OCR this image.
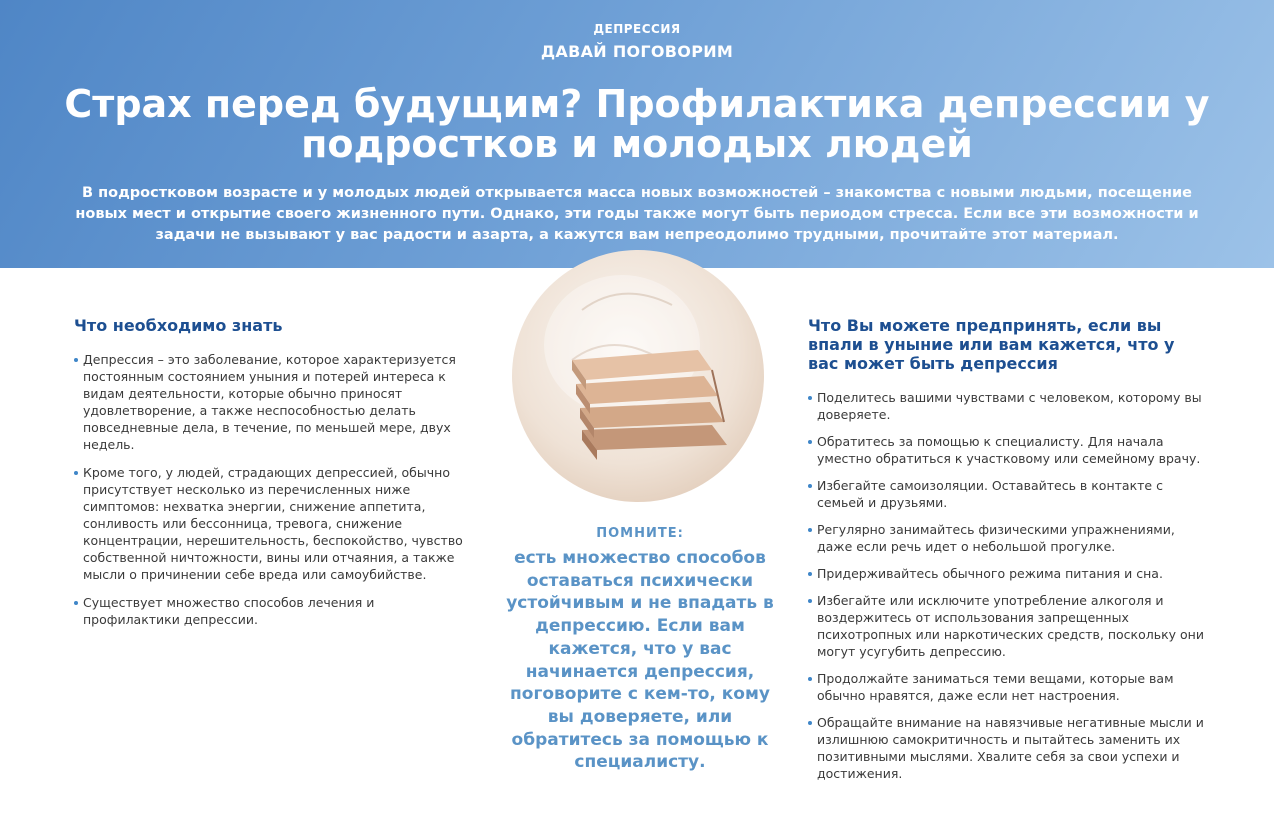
ДЕПРЕССИЯ
ДАВАЙ ПОГОВОРИМ
Страх перед будущим? Профилактика депрессии у подростков и молодых людей

В подростковом возрасте и у молодых людей открывается масса новых возможностей – знакомства с новыми людьми, посещение новых мест и открытие своего жизненного пути. Однако, эти годы также могут быть периодом стресса. Если все эти возможности и задачи не вызывают у вас радости и азарта, а кажутся вам непреодолимо трудными, прочитайте этот материал.

Что необходимо знать
Депрессия – это заболевание, которое характеризуется постоянным состоянием уныния и потерей интереса к видам деятельности, которые обычно приносят удовлетворение, а также неспособностью делать повседневные дела, в течение, по меньшей мере, двух недель.
Кроме того, у людей, страдающих депрессией, обычно присутствует несколько из перечисленных ниже симптомов: нехватка энергии, снижение аппетита, сонливость или бессонница, тревога, снижение концентрации, нерешительность, беспокойство, чувство собственной ничтожности, вины или отчаяния, а также мысли о причинении себе вреда или самоубийстве.
Существует множество способов лечения и профилактики депрессии.
ПОМНИТЕ:

есть множество способов оставаться психически устойчивым и не впадать в депрессию. Если вам кажется, что у вас начинается депрессия, поговорите с кем-то, кому вы доверяете, или обратитесь за помощью к специалисту.

Что Вы можете предпринять, если вы впали в уныние или вам кажется, что у вас может быть депрессия
Поделитесь вашими чувствами с человеком, которому вы доверяете.
Обратитесь за помощью к специалисту. Для начала уместно обратиться к участковому или семейному врачу.
Избегайте самоизоляции. Оставайтесь в контакте с семьей и друзьями.
Регулярно занимайтесь физическими упражнениями, даже если речь идет о небольшой прогулке.
Придерживайтесь обычного режима питания и сна.
Избегайте или исключите употребление алкоголя и воздержитесь от использования запрещенных психотропных или наркотических средств, поскольку они могут усугубить депрессию.
Продолжайте заниматься теми вещами, которые вам обычно нравятся, даже если нет настроения.
Обращайте внимание на навязчивые негативные мысли и излишнюю самокритичность и пытайтесь заменить их позитивными мыслями. Хвалите себя за свои успехи и достижения.
